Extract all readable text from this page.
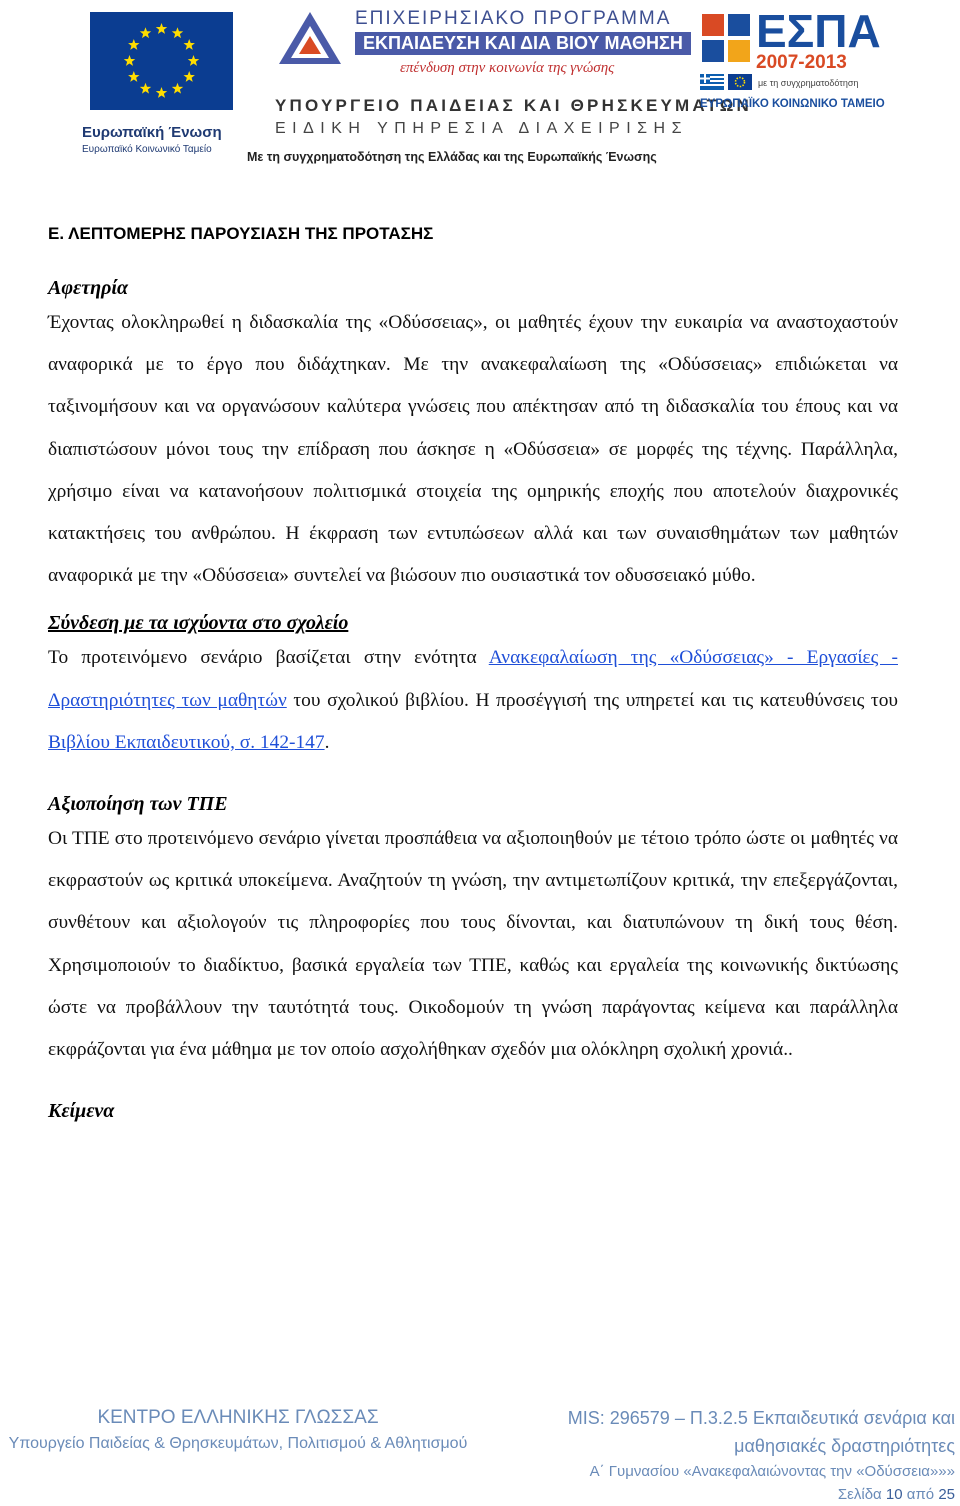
Ευρωπαϊκή Ένωση
Ευρωπαϊκό Κοινωνικό Ταμείο
ΕΠΙΧΕΙΡΗΣΙΑΚΟ ΠΡΟΓΡΑΜΜΑ
ΕΚΠΑΙΔΕΥΣΗ ΚΑΙ ΔΙΑ ΒΙΟΥ ΜΑΘΗΣΗ
επένδυση στην κοινωνία της γνώσης
ΥΠΟΥΡΓΕΙΟ ΠΑΙΔΕΙΑΣ ΚΑΙ ΘΡΗΣΚΕΥΜΑΤΩΝ
ΕΙΔΙΚΗ ΥΠΗΡΕΣΙΑ ΔΙΑΧΕΙΡΙΣΗΣ
Με τη συγχρηματοδότηση της Ελλάδας και της Ευρωπαϊκής Ένωσης
ΕΣΠΑ
2007-2013
με τη συγχρηματοδότηση
ΕΥΡΩΠΑΪΚΟ ΚΟΙΝΩΝΙΚΟ ΤΑΜΕΙΟ
Ε. ΛΕΠΤΟΜΕΡΗΣ ΠΑΡΟΥΣΙΑΣΗ ΤΗΣ ΠΡΟΤΑΣΗΣ
Αφετηρία

Έχοντας ολοκληρωθεί η διδασκαλία της «Οδύσσειας», οι μαθητές έχουν την ευκαιρία να αναστοχαστούν αναφορικά με το έργο που διδάχτηκαν. Με την ανακεφαλαίωση της «Οδύσσειας» επιδιώκεται να ταξινομήσουν και να οργανώσουν καλύτερα γνώσεις που απέκτησαν από τη διδασκαλία του έπους και να διαπιστώσουν μόνοι τους την επίδραση που άσκησε η «Οδύσσεια» σε μορφές της τέχνης. Παράλληλα, χρήσιμο είναι να κατανοήσουν πολιτισμικά στοιχεία της ομηρικής εποχής που αποτελούν διαχρονικές κατακτήσεις του ανθρώπου. Η έκφραση των εντυπώσεων αλλά και των συναισθημάτων των μαθητών αναφορικά με την «Οδύσσεια» συντελεί να βιώσουν πιο ουσιαστικά τον οδυσσειακό μύθο.

Σύνδεση με τα ισχύοντα στο σχολείο

Το προτεινόμενο σενάριο βασίζεται στην ενότητα Ανακεφαλαίωση της «Οδύσσειας» - Εργασίες - Δραστηριότητες των μαθητών του σχολικού βιβλίου. Η προσέγγισή της υπηρετεί και τις κατευθύνσεις του Βιβλίου Εκπαιδευτικού, σ. 142-147.

Αξιοποίηση των ΤΠΕ

Οι ΤΠΕ στο προτεινόμενο σενάριο γίνεται προσπάθεια να αξιοποιηθούν με τέτοιο τρόπο ώστε οι μαθητές να εκφραστούν ως κριτικά υποκείμενα. Αναζητούν τη γνώση, την αντιμετωπίζουν κριτικά, την επεξεργάζονται, συνθέτουν και αξιολογούν τις πληροφορίες που τους δίνονται, και διατυπώνουν τη δική τους θέση. Χρησιμοποιούν το διαδίκτυο, βασικά εργαλεία των ΤΠΕ, καθώς και εργαλεία της κοινωνικής δικτύωσης ώστε να προβάλλουν την ταυτότητά τους. Οικοδομούν τη γνώση παράγοντας κείμενα και παράλληλα εκφράζονται για ένα μάθημα με τον οποίο ασχολήθηκαν σχεδόν μια ολόκληρη σχολική χρονιά..

Κείμενα
ΚΕΝΤΡΟ ΕΛΛΗΝΙΚΗΣ ΓΛΩΣΣΑΣ
Υπουργείο Παιδείας & Θρησκευμάτων, Πολιτισμού & Αθλητισμού
MIS: 296579 – Π.3.2.5 Εκπαιδευτικά σενάρια και μαθησιακές δραστηριότητες
Α΄ Γυμνασίου «Ανακεφαλαιώνοντας την «Οδύσσεια»»»
Σελίδα 10 από 25
